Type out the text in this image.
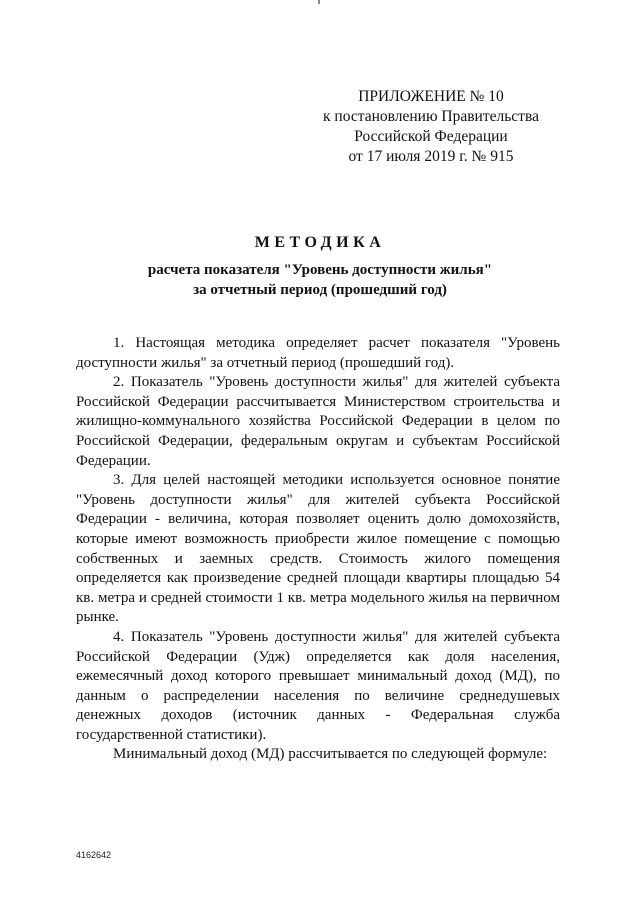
ПРИЛОЖЕНИЕ № 10
к постановлению Правительства
Российской Федерации
от 17 июля 2019 г. № 915
МЕТОДИКА
расчета показателя "Уровень доступности жилья"
за отчетный период (прошедший год)

1. Настоящая методика определяет расчет показателя "Уровень доступности жилья" за отчетный период (прошедший год).

2. Показатель "Уровень доступности жилья" для жителей субъекта Российской Федерации рассчитывается Министерством строительства и жилищно-коммунального хозяйства Российской Федерации в целом по Российской Федерации, федеральным округам и субъектам Российской Федерации.

3. Для целей настоящей методики используется основное понятие "Уровень доступности жилья" для жителей субъекта Российской Федерации - величина, которая позволяет оценить долю домохозяйств, которые имеют возможность приобрести жилое помещение с помощью собственных и заемных средств. Стоимость жилого помещения определяется как произведение средней площади квартиры площадью 54 кв. метра и средней стоимости 1 кв. метра модельного жилья на первичном рынке.

4. Показатель "Уровень доступности жилья" для жителей субъекта Российской Федерации (Удж) определяется как доля населения, ежемесячный доход которого превышает минимальный доход (МД), по данным о распределении населения по величине среднедушевых денежных доходов (источник данных - Федеральная служба государственной статистики).

Минимальный доход (МД) рассчитывается по следующей формуле:

4162642
